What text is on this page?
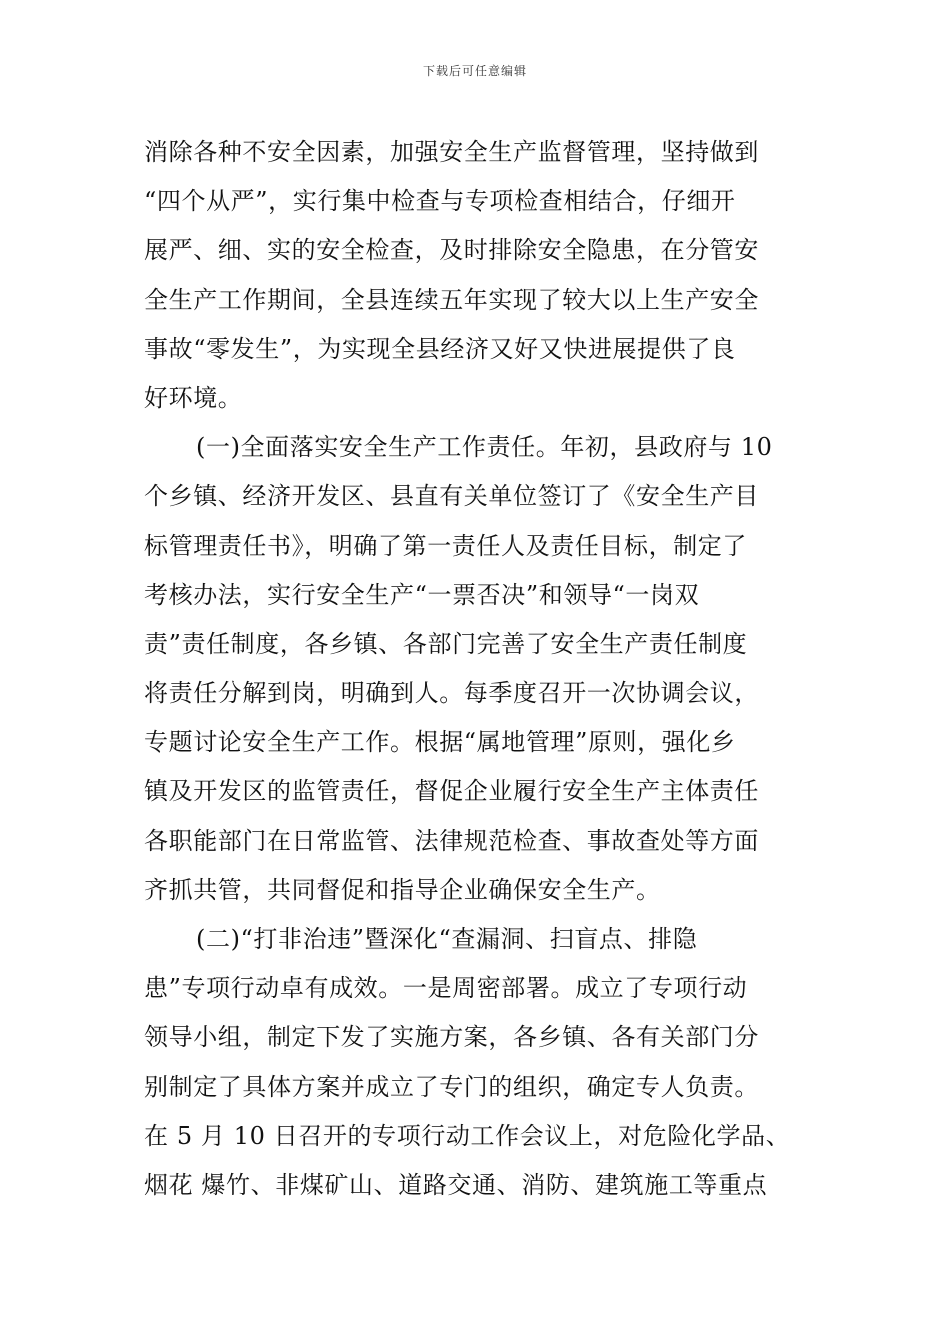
下载后可任意编辑
消除各种不安全因素，加强安全生产监督管理，坚持做到
“四个从严”，实行集中检查与专项检查相结合，仔细开
展严、细、实的安全检查，及时排除安全隐患，在分管安
全生产工作期间，全县连续五年实现了较大以上生产安全
事故“零发生”，为实现全县经济又好又快进展提供了良
好环境。
(一)全面落实安全生产工作责任。年初，县政府与 10
个乡镇、经济开发区、县直有关单位签订了《安全生产目
标管理责任书》，明确了第一责任人及责任目标，制定了
考核办法，实行安全生产“一票否决”和领导“一岗双
责”责任制度，各乡镇、各部门完善了安全生产责任制度
将责任分解到岗，明确到人。每季度召开一次协调会议，
专题讨论安全生产工作。根据“属地管理”原则，强化乡
镇及开发区的监管责任，督促企业履行安全生产主体责任
各职能部门在日常监管、法律规范检查、事故查处等方面
齐抓共管，共同督促和指导企业确保安全生产。
(二)“打非治违”暨深化“查漏洞、扫盲点、排隐
患”专项行动卓有成效。一是周密部署。成立了专项行动
领导小组，制定下发了实施方案，各乡镇、各有关部门分
别制定了具体方案并成立了专门的组织，确定专人负责。
在 5 月 10 日召开的专项行动工作会议上，对危险化学品、
烟花 爆竹、非煤矿山、道路交通、消防、建筑施工等重点
